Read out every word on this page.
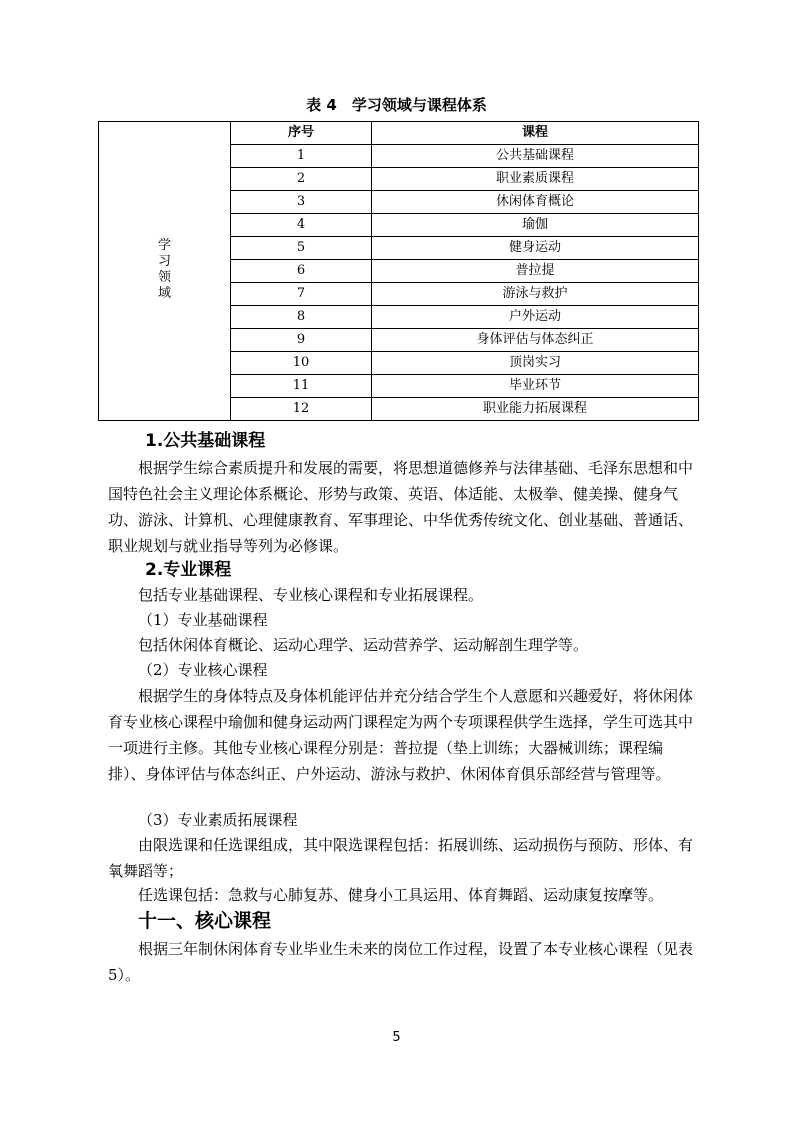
表 4　学习领域与课程体系
学习领域	序号	课程
	1	公共基础课程
	2	职业素质课程
	3	休闲体育概论
	4	瑜伽
	5	健身运动
	6	普拉提
	7	游泳与救护
	8	户外运动
	9	身体评估与体态纠正
	10	顶岗实习
	11	毕业环节
	12	职业能力拓展课程
1.公共基础课程
根据学生综合素质提升和发展的需要，将思想道德修养与法律基础、毛泽东思想和中国特色社会主义理论体系概论、形势与政策、英语、体适能、太极拳、健美操、健身气功、游泳、计算机、心理健康教育、军事理论、中华优秀传统文化、创业基础、普通话、职业规划与就业指导等列为必修课。
2.专业课程
包括专业基础课程、专业核心课程和专业拓展课程。
（1）专业基础课程
包括休闲体育概论、运动心理学、运动营养学、运动解剖生理学等。
（2）专业核心课程
根据学生的身体特点及身体机能评估并充分结合学生个人意愿和兴趣爱好，将休闲体育专业核心课程中瑜伽和健身运动两门课程定为两个专项课程供学生选择，学生可选其中一项进行主修。其他专业核心课程分别是：普拉提（垫上训练；大器械训练；课程编排）、身体评估与体态纠正、户外运动、游泳与救护、休闲体育俱乐部经营与管理等。
（3）专业素质拓展课程
由限选课和任选课组成，其中限选课程包括：拓展训练、运动损伤与预防、形体、有氧舞蹈等；
任选课包括：急救与心肺复苏、健身小工具运用、体育舞蹈、运动康复按摩等。
十一、核心课程
根据三年制休闲体育专业毕业生未来的岗位工作过程，设置了本专业核心课程（见表 5）。
5
